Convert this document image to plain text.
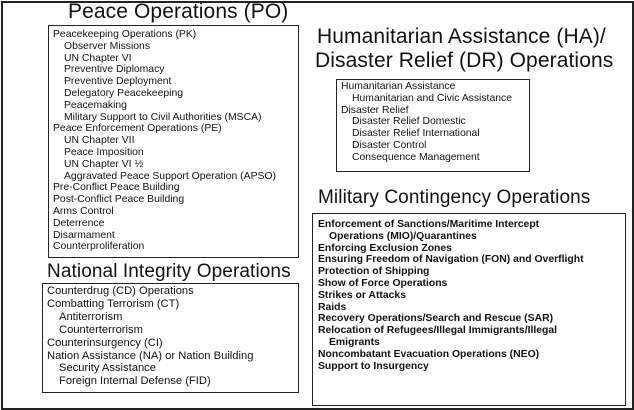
Peace Operations (PO)
Peacekeeping Operations (PK)
Observer Missions
UN Chapter VI
Preventive Diplomacy
Preventive Deployment
Delegatory Peacekeeping
Peacemaking
Military Support to Civil Authorities (MSCA)
Peace Enforcement Operations (PE)
UN Chapter VII
Peace Imposition
UN Chapter VI ½
Aggravated Peace Support Operation (APSO)
Pre-Conflict Peace Building
Post-Conflict Peace Building
Arms Control
Deterrence
Disarmament
Counterproliferation
National Integrity Operations
Counterdrug (CD) Operations
Combatting Terrorism (CT)
Antiterrorism
Counterterrorism
Counterinsurgency (CI)
Nation Assistance (NA) or Nation Building
Security Assistance
Foreign Internal Defense (FID)
Humanitarian Assistance (HA)/
Disaster Relief (DR) Operations
Humanitarian Assistance
Humanitarian and Civic Assistance
Disaster Relief
Disaster Relief Domestic
Disaster Relief International
Disaster Control
Consequence Management
Military Contingency Operations
Enforcement of Sanctions/Maritime Intercept
Operations (MIO)/Quarantines
Enforcing Exclusion Zones
Ensuring Freedom of Navigation (FON) and Overflight
Protection of Shipping
Show of Force Operations
Strikes or Attacks
Raids
Recovery Operations/Search and Rescue (SAR)
Relocation of Refugees/Illegal Immigrants/Illegal
Emigrants
Noncombatant Evacuation Operations (NEO)
Support to Insurgency
